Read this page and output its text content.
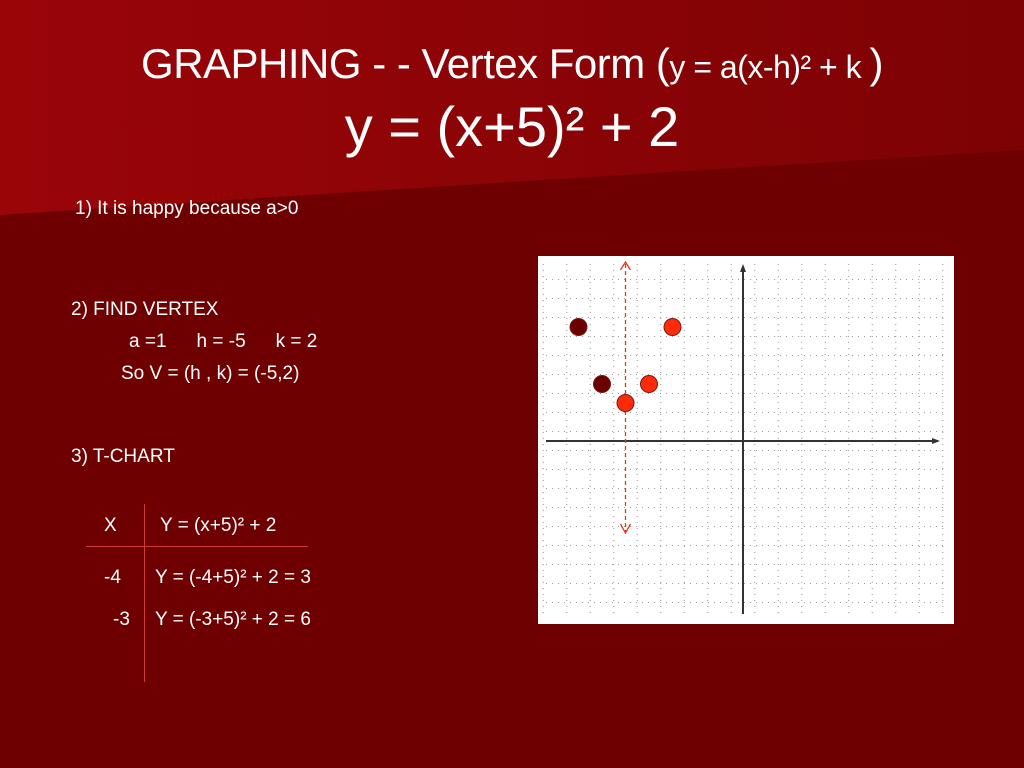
GRAPHING - - Vertex Form (y = a(x-h)² + k )
y = (x+5)² + 2
1) It is happy because a>0
2) FIND VERTEX
a =1 h = -5 k = 2
So V = (h , k) = (-5,2)
3) T-CHART
X Y = (x+5)² + 2
-4 Y = (-4+5)² + 2 = 3
-3 Y = (-3+5)² + 2 = 6
